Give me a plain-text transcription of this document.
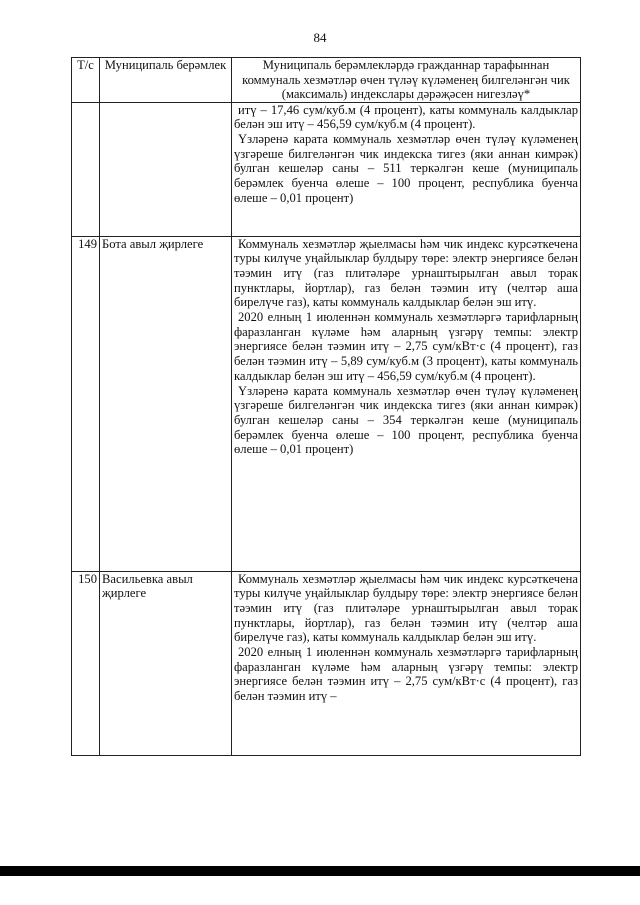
84
Т/с	Муниципаль берәмлек	Муниципаль берәмлекләрдә гражданнар тарафыннан коммуналь хезмәтләр өчен түләү күләменең билгеләнгән чик (максималь) индекслары дәрәҗәсен нигезләү*

		итү – 17,46 сум/куб.м (4 процент), каты коммуналь калдыклар белән эш итү – 456,59 сум/куб.м (4 процент).

Үзләренә карата коммуналь хезмәтләр өчен түләү күләменең үзгәреше билгеләнгән чик индекска тигез (яки аннан кимрәк) булган кешеләр саны – 511 теркәлгән кеше (муниципаль берәмлек буенча өлеше – 100 процент, республика буенча өлеше – 0,01 процент)

149	Бота авыл җирлеге	Коммуналь хезмәтләр җыелмасы һәм чик индекс курсәткечена туры килүче уңайлыклар булдыру төре: электр энергиясе белән тәэмин итү (газ плитәләре урнаштырылган авыл торак пунктлары, йортлар), газ белән тәэмин итү (челтәр аша бирелүче газ), каты коммуналь калдыклар белән эш итү.

2020 елның 1 июленнән коммуналь хезмәтләргә тарифларның фаразланган күләме һәм аларның үзгәрү темпы: электр энергиясе белән тәэмин итү – 2,75 сум/кВт·с (4 процент), газ белән тәэмин итү – 5,89 сум/куб.м (3 процент), каты коммуналь калдыклар белән эш итү – 456,59 сум/куб.м (4 процент).

Үзләренә карата коммуналь хезмәтләр өчен түләү күләменең үзгәреше билгеләнгән чик индекска тигез (яки аннан кимрәк) булган кешеләр саны – 354 теркәлгән кеше (муниципаль берәмлек буенча өлеше – 100 процент, республика буенча өлеше – 0,01 процент)

150	Васильевка авыл җирлеге	Коммуналь хезмәтләр җыелмасы һәм чик индекс курсәткечена туры килүче уңайлыклар булдыру төре: электр энергиясе белән тәэмин итү (газ плитәләре урнаштырылган авыл торак пунктлары, йортлар), газ белән тәэмин итү (челтәр аша бирелүче газ), каты коммуналь калдыклар белән эш итү.

2020 елның 1 июленнән коммуналь хезмәтләргә тарифларның фаразланган күләме һәм аларның үзгәрү темпы: электр энергиясе белән тәэмин итү – 2,75 сум/кВт·с (4 процент), газ белән тәэмин итү –
